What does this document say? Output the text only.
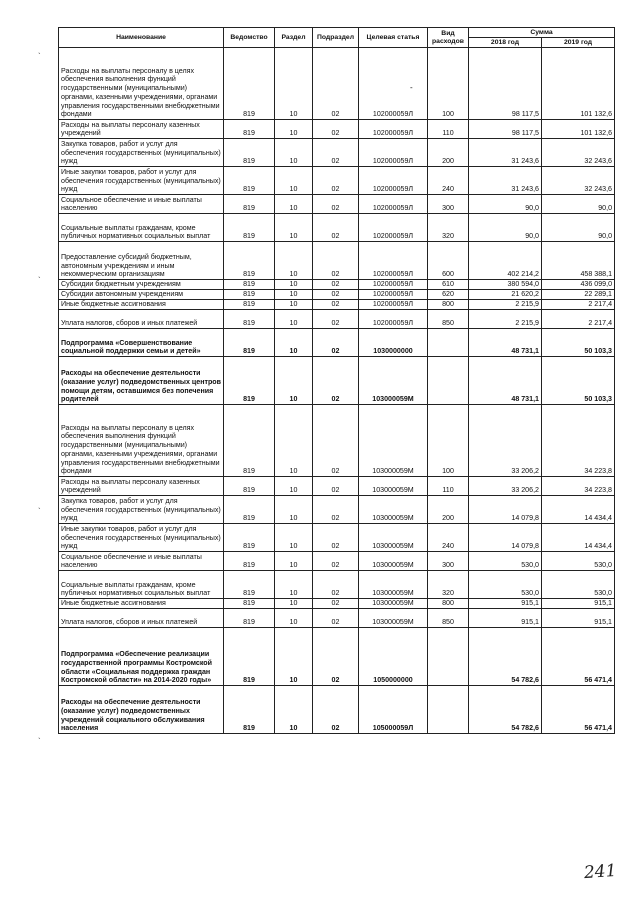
Наименование	Ведомство	Раздел	Подраздел	Целевая статья	Вид расходов	Сумма	
						2018 год	2019 год
Расходы на выплаты персоналу в целях обеспечения выполнения функций государственными (муниципальными) органами, казенными учреждениями, органами управления государственными внебюджетными фондами	819	10	02	102000059Л	100	98 117,5	101 132,6
Расходы на выплаты персоналу казенных учреждений	819	10	02	102000059Л	110	98 117,5	101 132,6
Закупка товаров, работ и услуг для обеспечения государственных (муниципальных) нужд	819	10	02	102000059Л	200	31 243,6	32 243,6
Иные закупки товаров, работ и услуг для обеспечения государственных (муниципальных) нужд	819	10	02	102000059Л	240	31 243,6	32 243,6
Социальное обеспечение и иные выплаты населению	819	10	02	102000059Л	300	90,0	90,0
Социальные выплаты гражданам, кроме публичных нормативных социальных выплат	819	10	02	102000059Л	320	90,0	90,0
Предоставление субсидий бюджетным, автономным учреждениям и иным некоммерческим организациям	819	10	02	102000059Л	600	402 214,2	458 388,1
Субсидии бюджетным учреждениям	819	10	02	102000059Л	610	380 594,0	436 099,0
Субсидии автономным учреждениям	819	10	02	102000059Л	620	21 620,2	22 289,1
Иные бюджетные ассигнования	819	10	02	102000059Л	800	2 215,9	2 217,4
Уплата налогов, сборов и иных платежей	819	10	02	102000059Л	850	2 215,9	2 217,4
Подпрограмма «Совершенствование социальной поддержки семьи и детей»	819	10	02	1030000000		48 731,1	50 103,3
Расходы на обеспечение деятельности (оказание услуг) подведомственных центров помощи детям, оставшимся без попечения родителей	819	10	02	103000059М		48 731,1	50 103,3
Расходы на выплаты персоналу в целях обеспечения выполнения функций государственными (муниципальными) органами, казенными учреждениями, органами управления государственными внебюджетными фондами	819	10	02	103000059М	100	33 206,2	34 223,8
Расходы на выплаты персоналу казенных учреждений	819	10	02	103000059М	110	33 206,2	34 223,8
Закупка товаров, работ и услуг для обеспечения государственных (муниципальных) нужд	819	10	02	103000059М	200	14 079,8	14 434,4
Иные закупки товаров, работ и услуг для обеспечения государственных (муниципальных) нужд	819	10	02	103000059М	240	14 079,8	14 434,4
Социальное обеспечение и иные выплаты населению	819	10	02	103000059М	300	530,0	530,0
Социальные выплаты гражданам, кроме публичных нормативных социальных выплат	819	10	02	103000059М	320	530,0	530,0
Иные бюджетные ассигнования	819	10	02	103000059М	800	915,1	915,1
Уплата налогов, сборов и иных платежей	819	10	02	103000059М	850	915,1	915,1
Подпрограмма «Обеспечение реализации государственной программы Костромской области «Социальная поддержка граждан Костромской области» на 2014-2020 годы»	819	10	02	1050000000		54 782,6	56 471,4
Расходы на обеспечение деятельности (оказание услуг) подведомственных учреждений социального обслуживания населения	819	10	02	105000059Л		54 782,6	56 471,4
-
`
`
`
`
241
